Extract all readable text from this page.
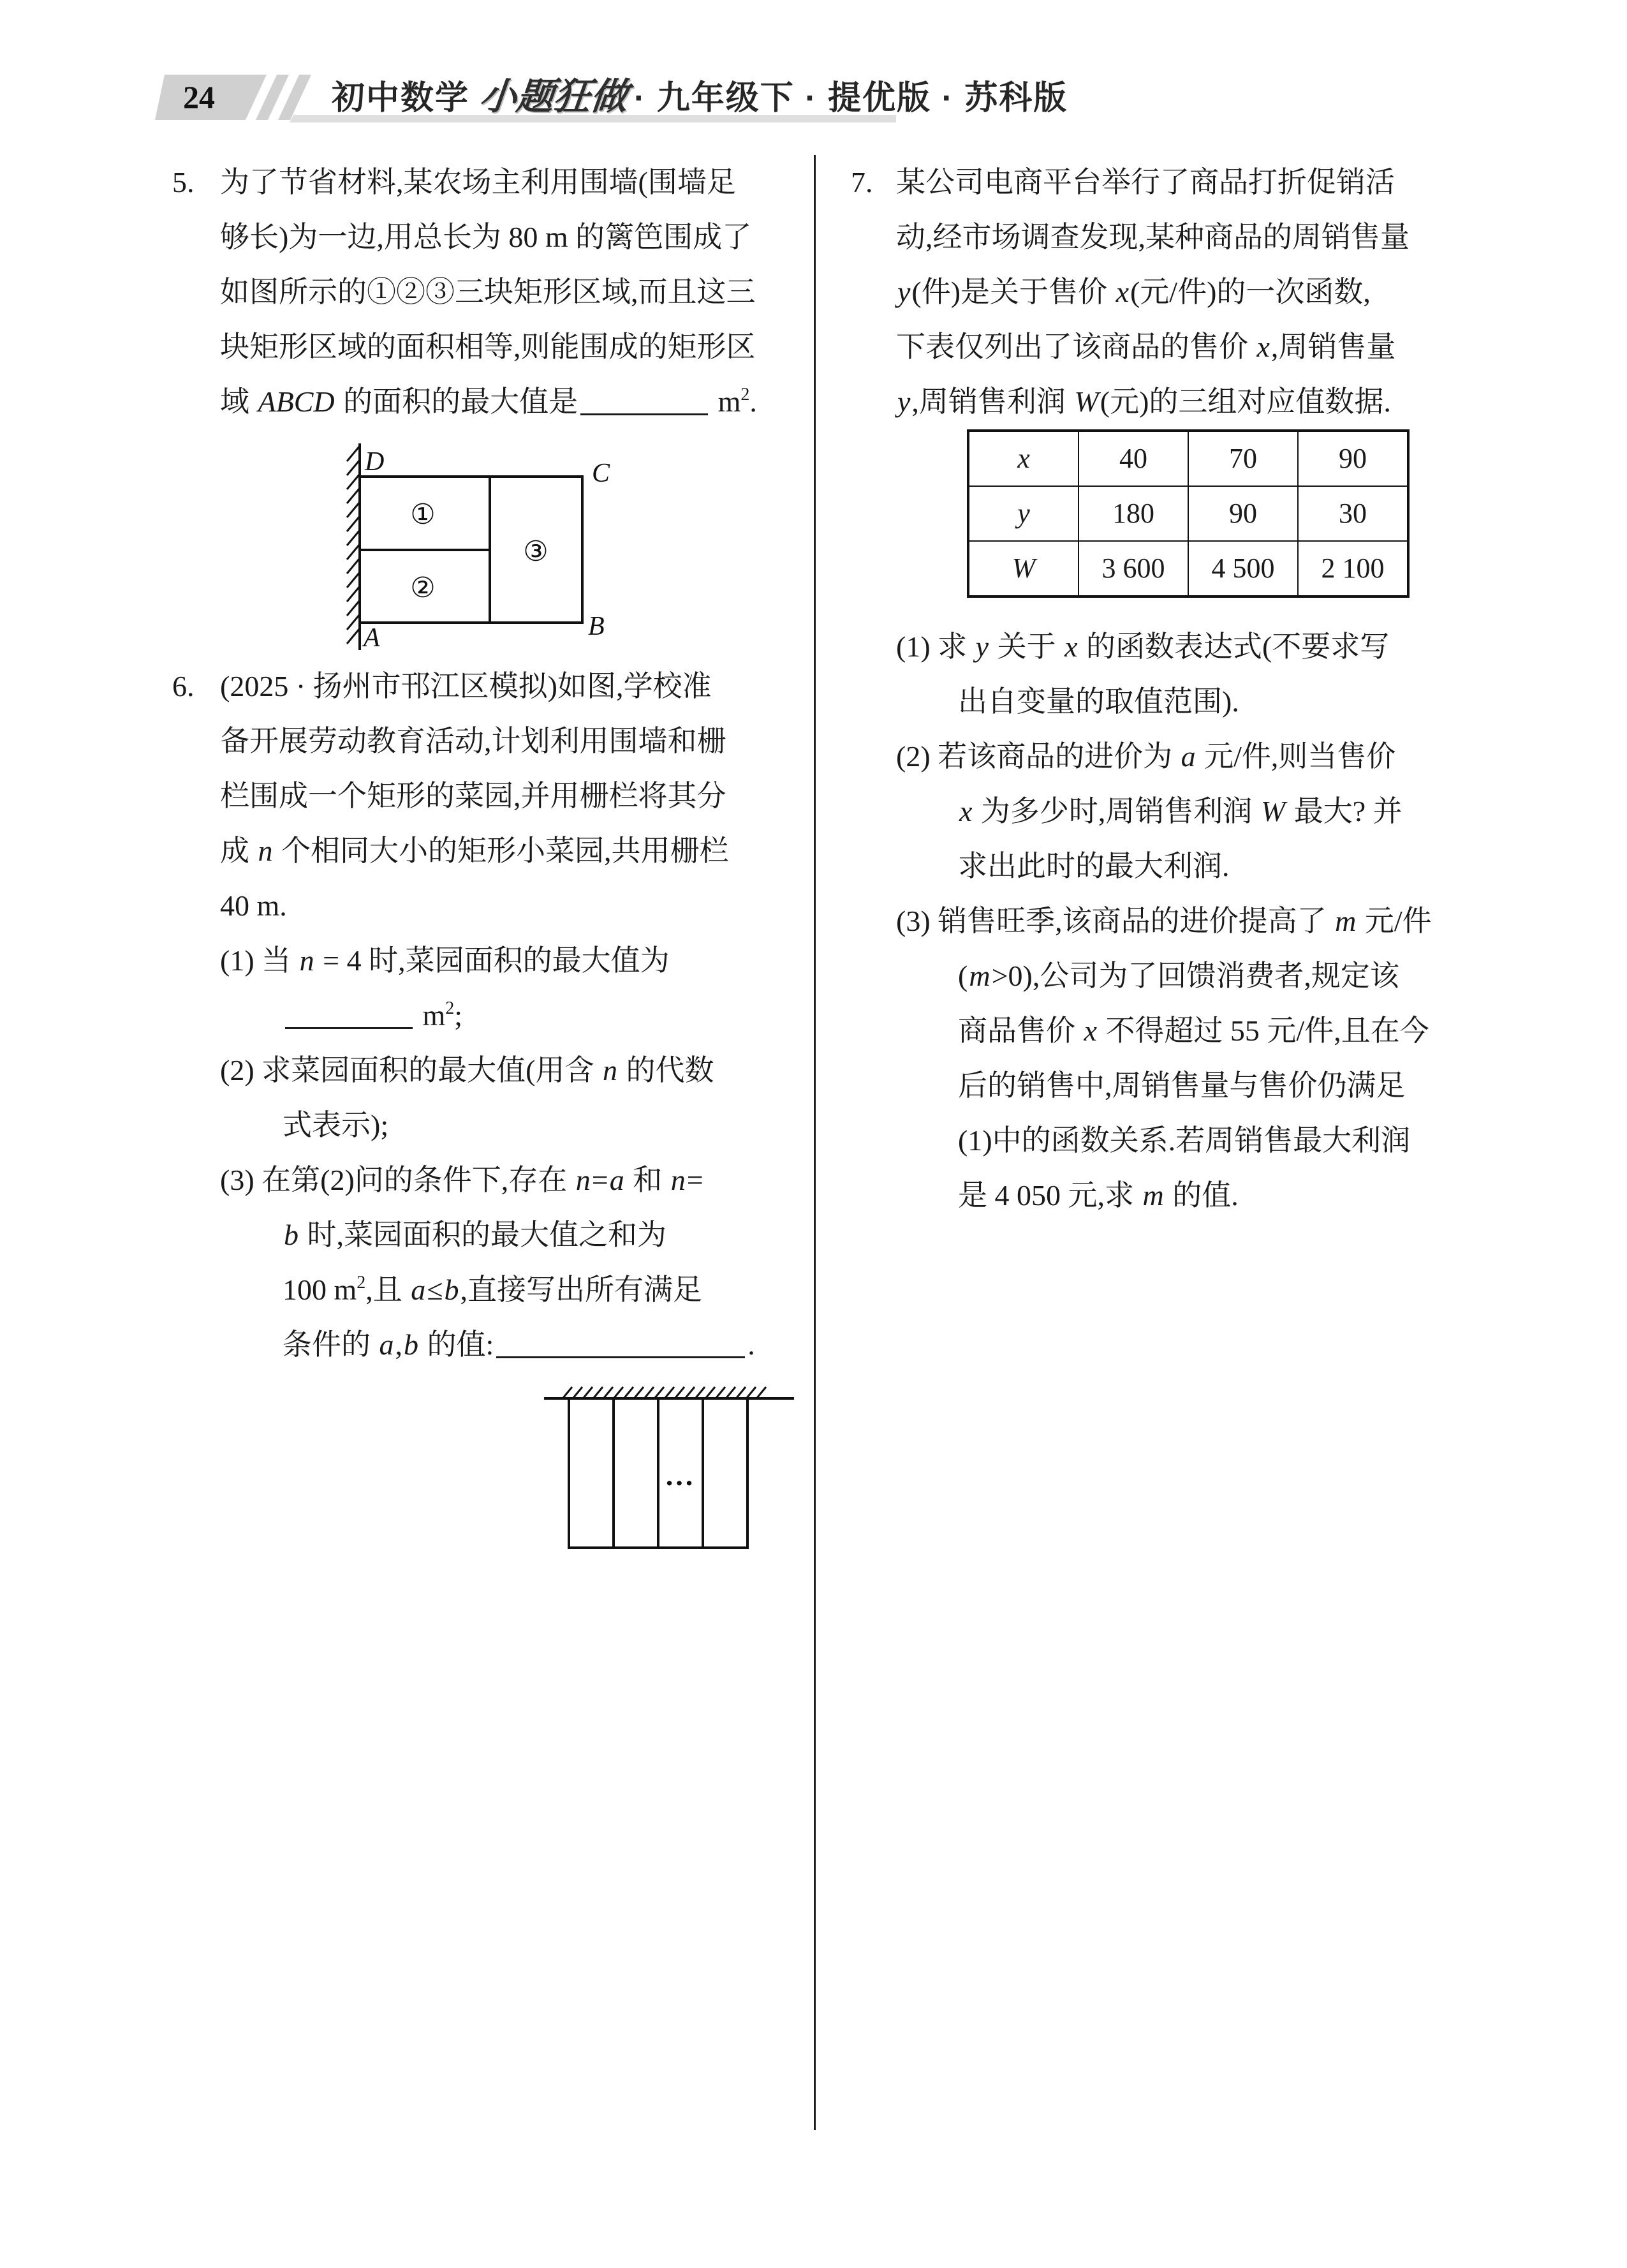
24	初中数学 小题狂做 · 九年级下 · 提优版 · 苏科版
5. 为了节省材料,某农场主利用围墙(围墙足
够长)为一边,用总长为 80 m 的篱笆围成了
如图所示的①②③三块矩形区域,而且这三
块矩形区域的面积相等,则能围成的矩形区
域 ABCD 的面积的最大值是	$m^2$.
D	C
A	B
①
②
③
6. (2025 · 扬州市邗江区模拟)如图,学校准
备开展劳动教育活动,计划利用围墙和栅
栏围成一个矩形的菜园,并用栅栏将其分
成 n 个相同大小的矩形小菜园,共用栅栏
40 m.
(1) 当 n = 4 时,菜园面积的最大值为
$m^2$;
(2) 求菜园面积的最大值(用含 n 的代数
式表示);
(3) 在第(2)问的条件下,存在 n=a 和 n=
b 时,菜园面积的最大值之和为
100 $m^2$,且 a≤b,直接写出所有满足
条件的 a,b 的值:	.
…
7. 某公司电商平台举行了商品打折促销活
动,经市场调查发现,某种商品的周销售量
y(件)是关于售价 x(元/件)的一次函数,
下表仅列出了该商品的售价 x,周销售量
y,周销售利润 W(元)的三组对应值数据.
x	40	70	90
y	180	90	30
W	3 600	4 500	2 100
(1) 求 y 关于 x 的函数表达式(不要求写
出自变量的取值范围).
(2) 若该商品的进价为 a 元/件,则当售价
x 为多少时,周销售利润 W 最大? 并
求出此时的最大利润.
(3) 销售旺季,该商品的进价提高了 m 元/件
(m>0),公司为了回馈消费者,规定该
商品售价 x 不得超过 55 元/件,且在今
后的销售中,周销售量与售价仍满足
(1)中的函数关系.若周销售最大利润
是 4 050 元,求 m 的值.
